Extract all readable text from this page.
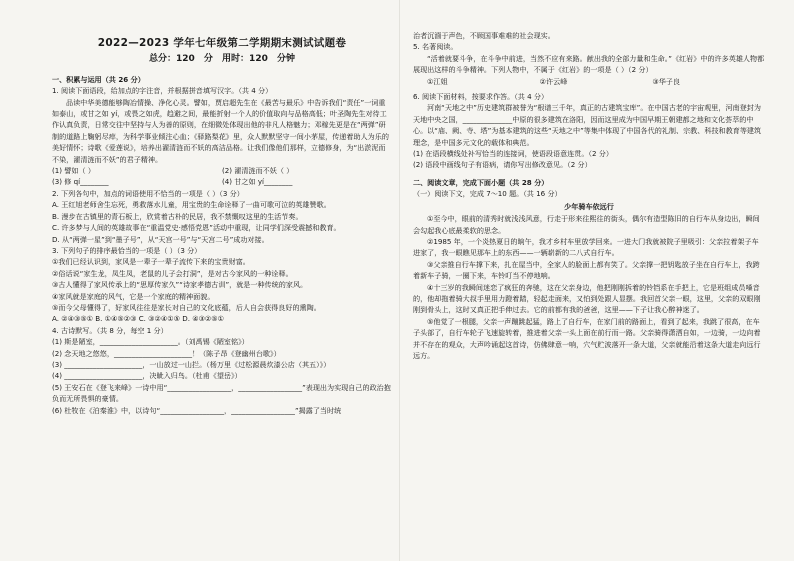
2022—2023 学年七年级第二学期期末测试试题卷
总分：120 分 用时：120 分钟

一、积累与运用（共 26 分）

1. 阅读下面语段，给加点的字注音，并根据拼音填写汉字。（共 4 分）

品读中华美德能够陶冶情操、净化心灵。譬如，贾启超先生在《最苦与最乐》中告诉我们“责任”一词重如泰山，或甘之如 yí，或畏之如虎，趋避之间，最能折射一个人的价值取向与品格高低；叶圣陶先生对待工作认真负责，日常交往中坚持与人为善的原则，在细微处体现出他的非凡人格魅力；邓稼先更是在“两弹”研制的道路上鞠躬尽瘁，为科学事业倾注心血；《驿路梨花》里，众人默默坚守一间小茅屋，传递着助人为乐的美好情怀；诗歌《爱莲说》，培养出濯清涟而不妖的高洁品格。让我们像他们那样，立德修身，为“出淤泥而不染，濯清涟而不妖”的君子精神。

(1) 譬如（ ）	(2) 濯清涟而不妖（ ）
(3) 修 qí________	(4) 甘之如 yí________

2. 下列各句中，加点的词语使用不恰当的一项是（ ）（3 分）

A. 王红旭老师舍生忘死，勇救落水儿童，用宝贵的生命诠释了一曲可歌可泣的英雄赞歌。

B. 漫步在古镇里的青石板上，欣赏着古朴的民居，我不禁慨叹这里的生活节奏。

C. 许多梦与人间的英雄故事在“重温党史·感悟党恩”活动中重现，让同学们深受震撼和教育。

D. 从“两弹一星”到“墨子号”，从“天宫一号”与“天宫二号”成功对接。

3. 下列句子的排序最恰当的一项是（ ）（3 分）

①我们已经认识到，家风是一辈子一辈子流传下来的宝贵财富。

②俗话说“家生龙，凤生凤，老鼠的儿子会打洞”，是对古今家风的一种诠释。

③古人懂得了家风传承上的“思厚传家久”“诗家孝德古训”，就是一种传统的家风。

④家风就是家庭的风气，它是一个家庭的精神面貌。

⑤而今父母懂得了，好家风往往是家长对自己的文化底蕴，后人自会获得良好的熏陶。

A. ②④③⑤① B. ①④⑤②③ C. ③②④①⑤ D. ④③②⑤①

4. 古诗默写。（共 8 分，每空 1 分）

(1) 斯是陋室，______________________。（刘禹锡《陋室铭》）

(2) 念天地之悠悠，______________________！（陈子昂《登幽州台歌》）

(3) ______________________，一山放过一山拦。（杨万里《过松源晨炊漆公店（其五）》）

(4) ______________________，决眦入归鸟。（杜甫《望岳》）

(5) 王安石在《登飞来峰》一诗中用“__________________，__________________”表现出为实现自己的政治抱负而无所畏惧的豪情。

(6) 杜牧在《泊秦淮》中，以诗句“__________________，__________________”揭露了当时统

治者沉湎于声色，不顾国事难难的社会现实。

5. 名著阅读。

“活着就要斗争，在斗争中前进，当然不应有来路。献出我的全部力量和生命。”《红岩》中的许多英雄人物都展现出这样的斗争精神。下列人物中，不属于《红岩》的一项是（ ）（2 分）

①江姐	②许云峰	③华子良

6. 阅读下面材料，按要求作答。（共 4 分）

河南“天地之中”历史建筑群被誉为“根谱三千年，真正的古建筑宝库”。在中国古老的宇宙观里，河南登封为天地中央之国，______________中原的很多建筑在洛阳，因而这里成为中国早期王朝建都之地和文化荟萃的中心。以“庙、阙、寺、塔”为基本建筑的这些“天地之中”等集中体现了中国各代的礼制、宗教、科技和教育等建筑理念，是中国多元文化的载体和典范。

(1) 在语段横线处补写恰当的连接词，使语段语意连贯。（2 分）

(2) 语段中画线句子有语病，请你写出修改意见。（2 分）

二、阅读文章，完成下面小题（共 28 分）

（一）阅读下文，完成 7～10 题。（共 16 分）

少年骑车依远行

①至今中，眼前的清秀时就浅浅风意，行走于形来往熙往的街头，偶尔有造型陈旧的自行车从身边出，瞬间会勾起我心底最柔软的思念。

②1985 年，一个炎热夏日的晌午，我才乡村车里放学回来。一进大门我就被院子里吸引：父亲拉着架子车进家了，我一眼瞧见那车上的东西——一辆崭新的二八式自行车。

③父亲推自行车撑下来，扎在屋当中，全家人的脸面上都有笑了。父亲撑一把钥匙放子坐在自行车上，我跨着新车子骑，一圈下来，车铃叮当不停地响。

④十三岁的我瞬间迷恋了疯狂的奔驰，这在父亲身边，他把刚刚拆着的铃铛系在手把上，它是班组成员嗓音的，他却拖着骑大叔手里用力蹬着踏，轻起走面来，又怕到处跟人显摆。我回首父亲一眼，这里，父亲的双眼刚刚到骨头上，这时又真正把手伸过去。它的前都有我的爸爸，这里——下子让我心醉神迷了。

⑤他觉了一根腿，父亲一声蹦跳起猛，路上了自行车，在家门前的路面上，看到了起来，我跳了很高，在车子头部了，自行车轮子飞速旋转着，推进着父亲一头上面在前行而一路。父亲骑得潇洒自如，一边骑，一边向着并不存在的观众，大声吟诵起这首诗，仿佛肆意一响，穴气贮波落开一条大道，父亲就能沿着这条大道走向远行远方。
